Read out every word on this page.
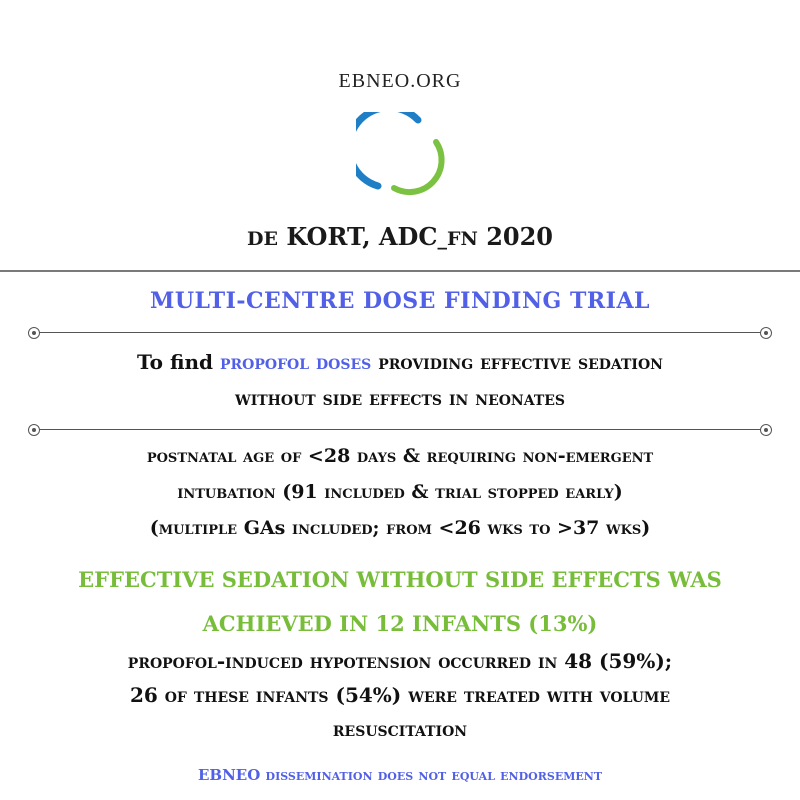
EBNEO.ORG
DE KORT, ADC_FN 2020
MULTI-CENTRE DOSE FINDING TRIAL
To find propofol doses providing effective sedation
without side effects in neonates
postnatal age of <28 days & requiring non-emergent
intubation (91 included & trial stopped early)
(multiple GAs included; from <26 wks to >37 wks)
EFFECTIVE SEDATION WITHOUT SIDE EFFECTS WAS
ACHIEVED IN 12 INFANTS (13%)
propofol-induced hypotension occurred in 48 (59%);
26 of these infants (54%) were treated with volume
resuscitation
EBNEO dissemination does not equal endorsement
